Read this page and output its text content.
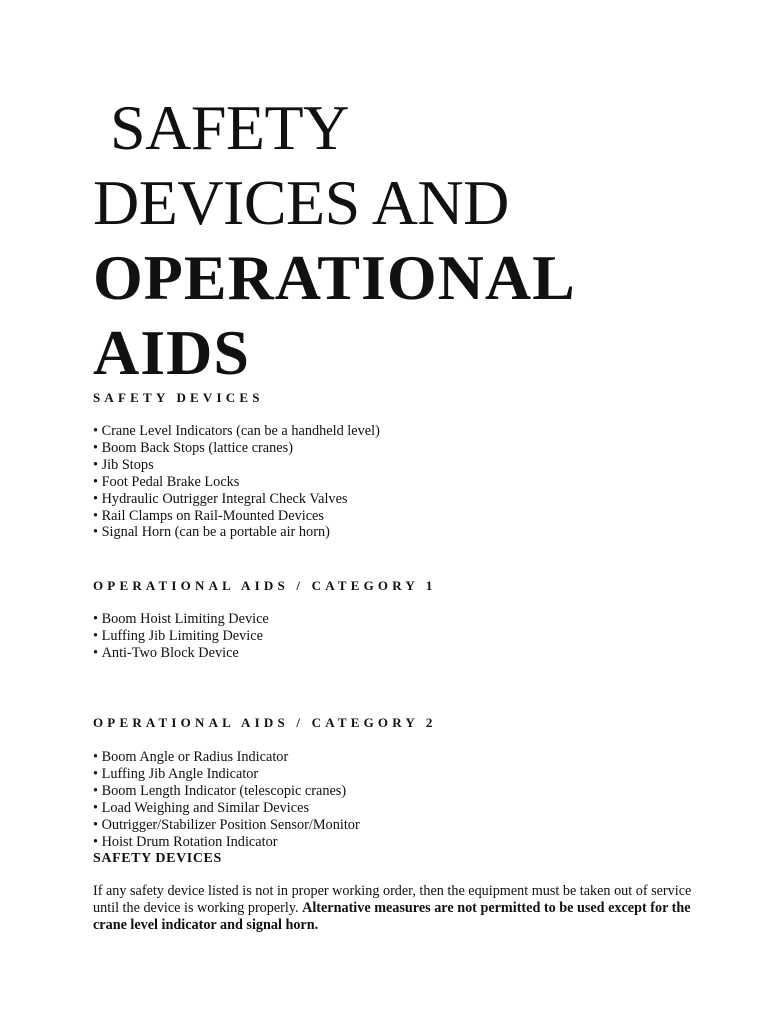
SAFETY
DEVICES AND
OPERATIONAL
AIDS
SAFETY DEVICES
• Crane Level Indicators (can be a handheld level)
• Boom Back Stops (lattice cranes)
• Jib Stops
• Foot Pedal Brake Locks
• Hydraulic Outrigger Integral Check Valves
• Rail Clamps on Rail-Mounted Devices
• Signal Horn (can be a portable air horn)
OPERATIONAL AIDS / CATEGORY 1
• Boom Hoist Limiting Device
• Luffing Jib Limiting Device
• Anti-Two Block Device
OPERATIONAL AIDS / CATEGORY 2
• Boom Angle or Radius Indicator
• Luffing Jib Angle Indicator
• Boom Length Indicator (telescopic cranes)
• Load Weighing and Similar Devices
• Outrigger/Stabilizer Position Sensor/Monitor
• Hoist Drum Rotation Indicator
SAFETY DEVICES

If any safety device listed is not in proper working order, then the equipment must be taken out of service until the device is working properly. Alternative measures are not permitted to be used except for the crane level indicator and signal horn.
